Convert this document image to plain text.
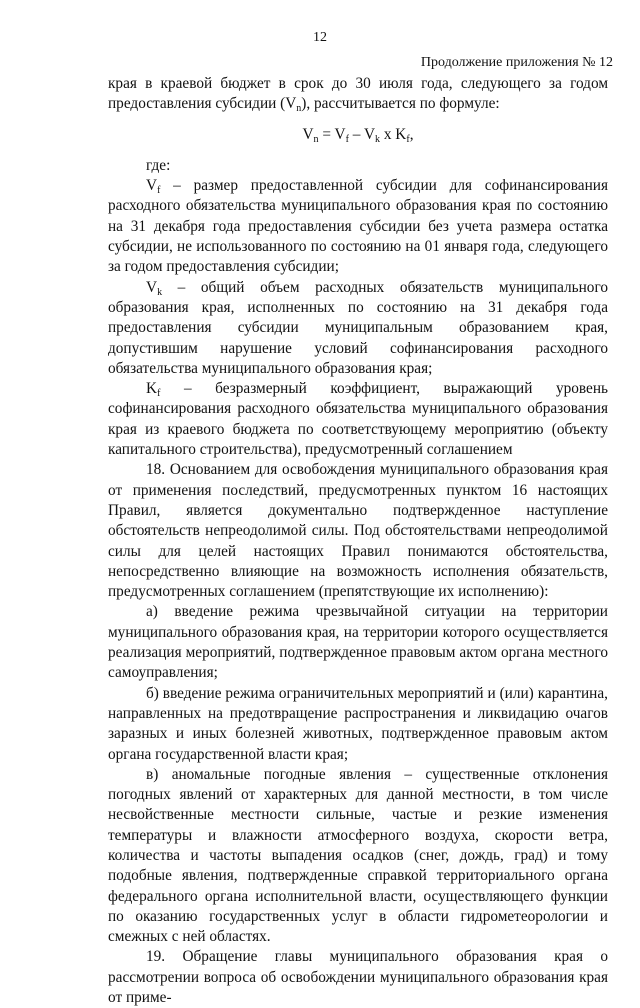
12
Продолжение приложения № 12

края в краевой бюджет в срок до 30 июля года, следующего за годом предоставления субсидии $(V_n)$, рассчитывается по формуле:

$V_n = V_f - V_k$ x $K_f$,

где:

$V_f$ – размер предоставленной субсидии для софинансирования расходного обязательства муниципального образования края по состоянию на 31 декабря года предоставления субсидии без учета размера остатка субсидии, не использованного по состоянию на 01 января года, следующего за годом предоставления субсидии;

$V_k$ – общий объем расходных обязательств муниципального образования края, исполненных по состоянию на 31 декабря года предоставления субсидии муниципальным образованием края, допустившим нарушение условий софинансирования расходного обязательства муниципального образования края;

$K_f$ – безразмерный коэффициент, выражающий уровень софинансирования расходного обязательства муниципального образования края из краевого бюджета по соответствующему мероприятию (объекту капитального строительства), предусмотренный соглашением

18. Основанием для освобождения муниципального образования края от применения последствий, предусмотренных пунктом 16 настоящих Правил, является документально подтвержденное наступление обстоятельств непреодолимой силы. Под обстоятельствами непреодолимой силы для целей настоящих Правил понимаются обстоятельства, непосредственно влияющие на возможность исполнения обязательств, предусмотренных соглашением (препятствующие их исполнению):

а) введение режима чрезвычайной ситуации на территории муниципального образования края, на территории которого осуществляется реализация мероприятий, подтвержденное правовым актом органа местного самоуправления;

б) введение режима ограничительных мероприятий и (или) карантина, направленных на предотвращение распространения и ликвидацию очагов заразных и иных болезней животных, подтвержденное правовым актом органа государственной власти края;

в) аномальные погодные явления – существенные отклонения погодных явлений от характерных для данной местности, в том числе несвойственные местности сильные, частые и резкие изменения температуры и влажности атмосферного воздуха, скорости ветра, количества и частоты выпадения осадков (снег, дождь, град) и тому подобные явления, подтвержденные справкой территориального органа федерального органа исполнительной власти, осуществляющего функции по оказанию государственных услуг в области гидрометеорологии и смежных с ней областях.

19. Обращение главы муниципального образования края о рассмотрении вопроса об освобождении муниципального образования края от приме-
